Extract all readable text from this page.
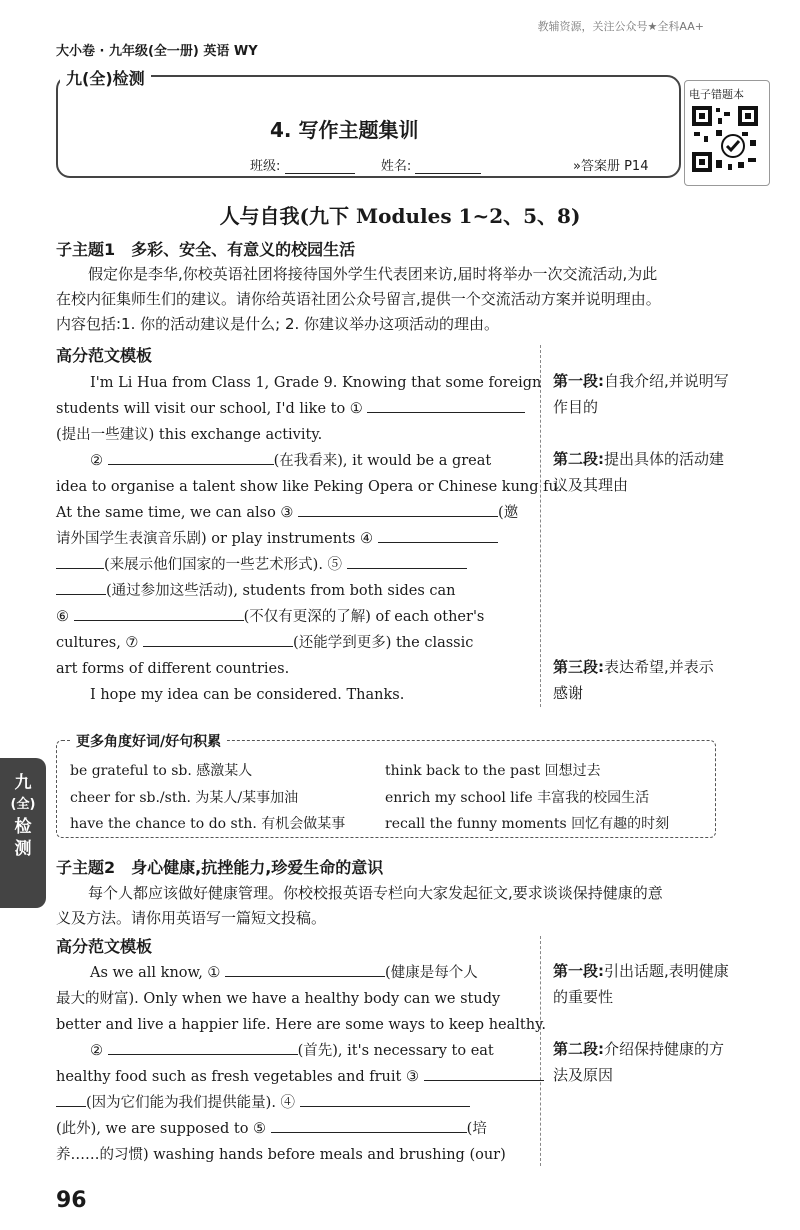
教辅资源，关注公众号★全科AA+
大小卷 · 九年级(全一册) 英语 WY
九(全)检测
4. 写作主题集训
班级:	姓名:	»答案册 P14
电子错题本
人与自我(九下 Modules 1~2、5、8)
子主题1　多彩、安全、有意义的校园生活
假定你是李华,你校英语社团将接待国外学生代表团来访,届时将举办一次交流活动,为此
在校内征集师生们的建议。请你给英语社团公众号留言,提供一个交流活动方案并说明理由。
内容包括:1. 你的活动建议是什么; 2. 你建议举办这项活动的理由。
高分范文模板
I'm Li Hua from Class 1, Grade 9. Knowing that some foreign
students will visit our school, I'd like to ①
(提出一些建议) this exchange activity.
②	(在我看来), it would be a great
idea to organise a talent show like Peking Opera or Chinese kung fu.
At the same time, we can also ③	(邀
请外国学生表演音乐剧) or play instruments ④
(来展示他们国家的一些艺术形式). ⑤
(通过参加这些活动), students from both sides can
⑥	(不仅有更深的了解) of each other's
cultures, ⑦	(还能学到更多) the classic
art forms of different countries.
I hope my idea can be considered. Thanks.
第一段:自我介绍,并说明写
作目的
第二段:提出具体的活动建
议及其理由
第三段:表达希望,并表示
感谢
更多角度好词/好句积累
be grateful to sb. 感激某人	think back to the past 回想过去
cheer for sb./sth. 为某人/某事加油	enrich my school life 丰富我的校园生活
have the chance to do sth. 有机会做某事	recall the funny moments 回忆有趣的时刻
九
(全)
检
测
子主题2　身心健康,抗挫能力,珍爱生命的意识
每个人都应该做好健康管理。你校校报英语专栏向大家发起征文,要求谈谈保持健康的意
义及方法。请你用英语写一篇短文投稿。
高分范文模板
As we all know, ①	(健康是每个人
最大的财富). Only when we have a healthy body can we study
better and live a happier life. Here are some ways to keep healthy.
②	(首先), it's necessary to eat
healthy food such as fresh vegetables and fruit ③
(因为它们能为我们提供能量). ④
(此外), we are supposed to ⑤	(培
养……的习惯) washing hands before meals and brushing (our)
第一段:引出话题,表明健康
的重要性
第二段:介绍保持健康的方
法及原因
96
